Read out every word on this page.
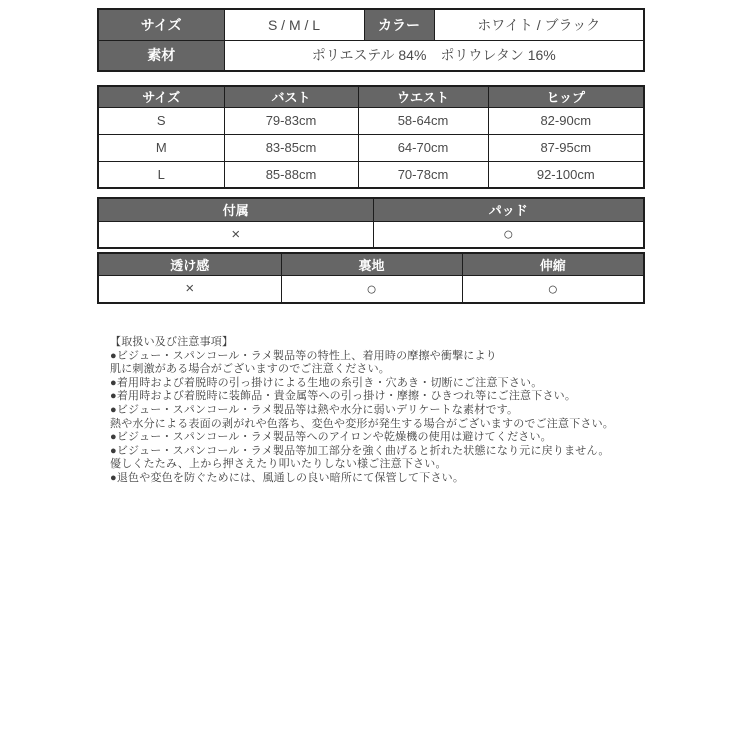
サイズ	S / M / L	カラー	ホワイト / ブラック
素材	ポリエステル 84%　ポリウレタン 16%		
サイズ	バスト	ウエスト	ヒップ
S	79-83cm	58-64cm	82-90cm
M	83-85cm	64-70cm	87-95cm
L	85-88cm	70-78cm	92-100cm
付属	パッド
×	○
透け感	裏地	伸縮
×	○	○
【取扱い及び注意事項】
●ビジュー・スパンコール・ラメ製品等の特性上、着用時の摩擦や衝撃により
肌に刺激がある場合がございますのでご注意ください。
●着用時および着脱時の引っ掛けによる生地の糸引き・穴あき・切断にご注意下さい。
●着用時および着脱時に装飾品・貴金属等への引っ掛け・摩擦・ひきつれ等にご注意下さい。
●ビジュー・スパンコール・ラメ製品等は熱や水分に弱いデリケートな素材です。
熱や水分による表面の剥がれや色落ち、変色や変形が発生する場合がございますのでご注意下さい。
●ビジュー・スパンコール・ラメ製品等へのアイロンや乾燥機の使用は避けてください。
●ビジュー・スパンコール・ラメ製品等加工部分を強く曲げると折れた状態になり元に戻りません。
優しくたたみ、上から押さえたり叩いたりしない様ご注意下さい。
●退色や変色を防ぐためには、風通しの良い暗所にて保管して下さい。
